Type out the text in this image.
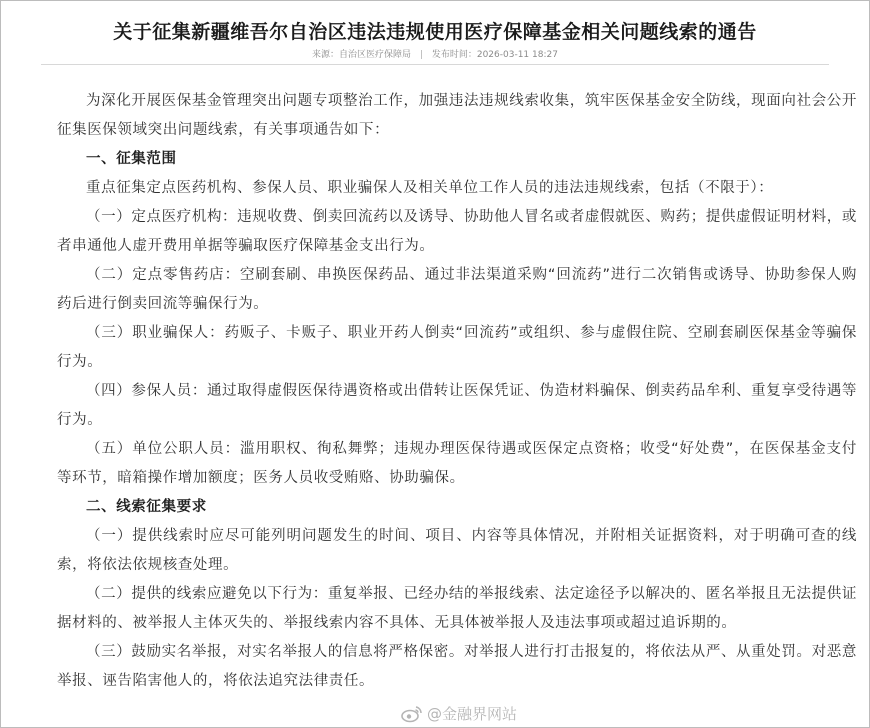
关于征集新疆维吾尔自治区违法违规使用医疗保障基金相关问题线索的通告
来源：自治区医疗保障局 | 发布时间：2026-03-11 18:27

为深化开展医保基金管理突出问题专项整治工作，加强违法违规线索收集，筑牢医保基金安全防线，现面向社会公开征集医保领域突出问题线索，有关事项通告如下：

一、征集范围

重点征集定点医药机构、参保人员、职业骗保人及相关单位工作人员的违法违规线索，包括（不限于）：

（一）定点医疗机构：违规收费、倒卖回流药以及诱导、协助他人冒名或者虚假就医、购药；提供虚假证明材料，或者串通他人虚开费用单据等骗取医疗保障基金支出行为。

（二）定点零售药店：空刷套刷、串换医保药品、通过非法渠道采购“回流药”进行二次销售或诱导、协助参保人购药后进行倒卖回流等骗保行为。

（三）职业骗保人：药贩子、卡贩子、职业开药人倒卖“回流药”或组织、参与虚假住院、空刷套刷医保基金等骗保行为。

（四）参保人员：通过取得虚假医保待遇资格或出借转让医保凭证、伪造材料骗保、倒卖药品牟利、重复享受待遇等行为。

（五）单位公职人员：滥用职权、徇私舞弊；违规办理医保待遇或医保定点资格；收受“好处费”，在医保基金支付等环节，暗箱操作增加额度；医务人员收受贿赂、协助骗保。

二、线索征集要求

（一）提供线索时应尽可能列明问题发生的时间、项目、内容等具体情况，并附相关证据资料，对于明确可查的线索，将依法依规核查处理。

（二）提供的线索应避免以下行为：重复举报、已经办结的举报线索、法定途径予以解决的、匿名举报且无法提供证据材料的、被举报人主体灭失的、举报线索内容不具体、无具体被举报人及违法事项或超过追诉期的。

（三）鼓励实名举报，对实名举报人的信息将严格保密。对举报人进行打击报复的，将依法从严、从重处罚。对恶意举报、诬告陷害他人的，将依法追究法律责任。

@金融界网站
